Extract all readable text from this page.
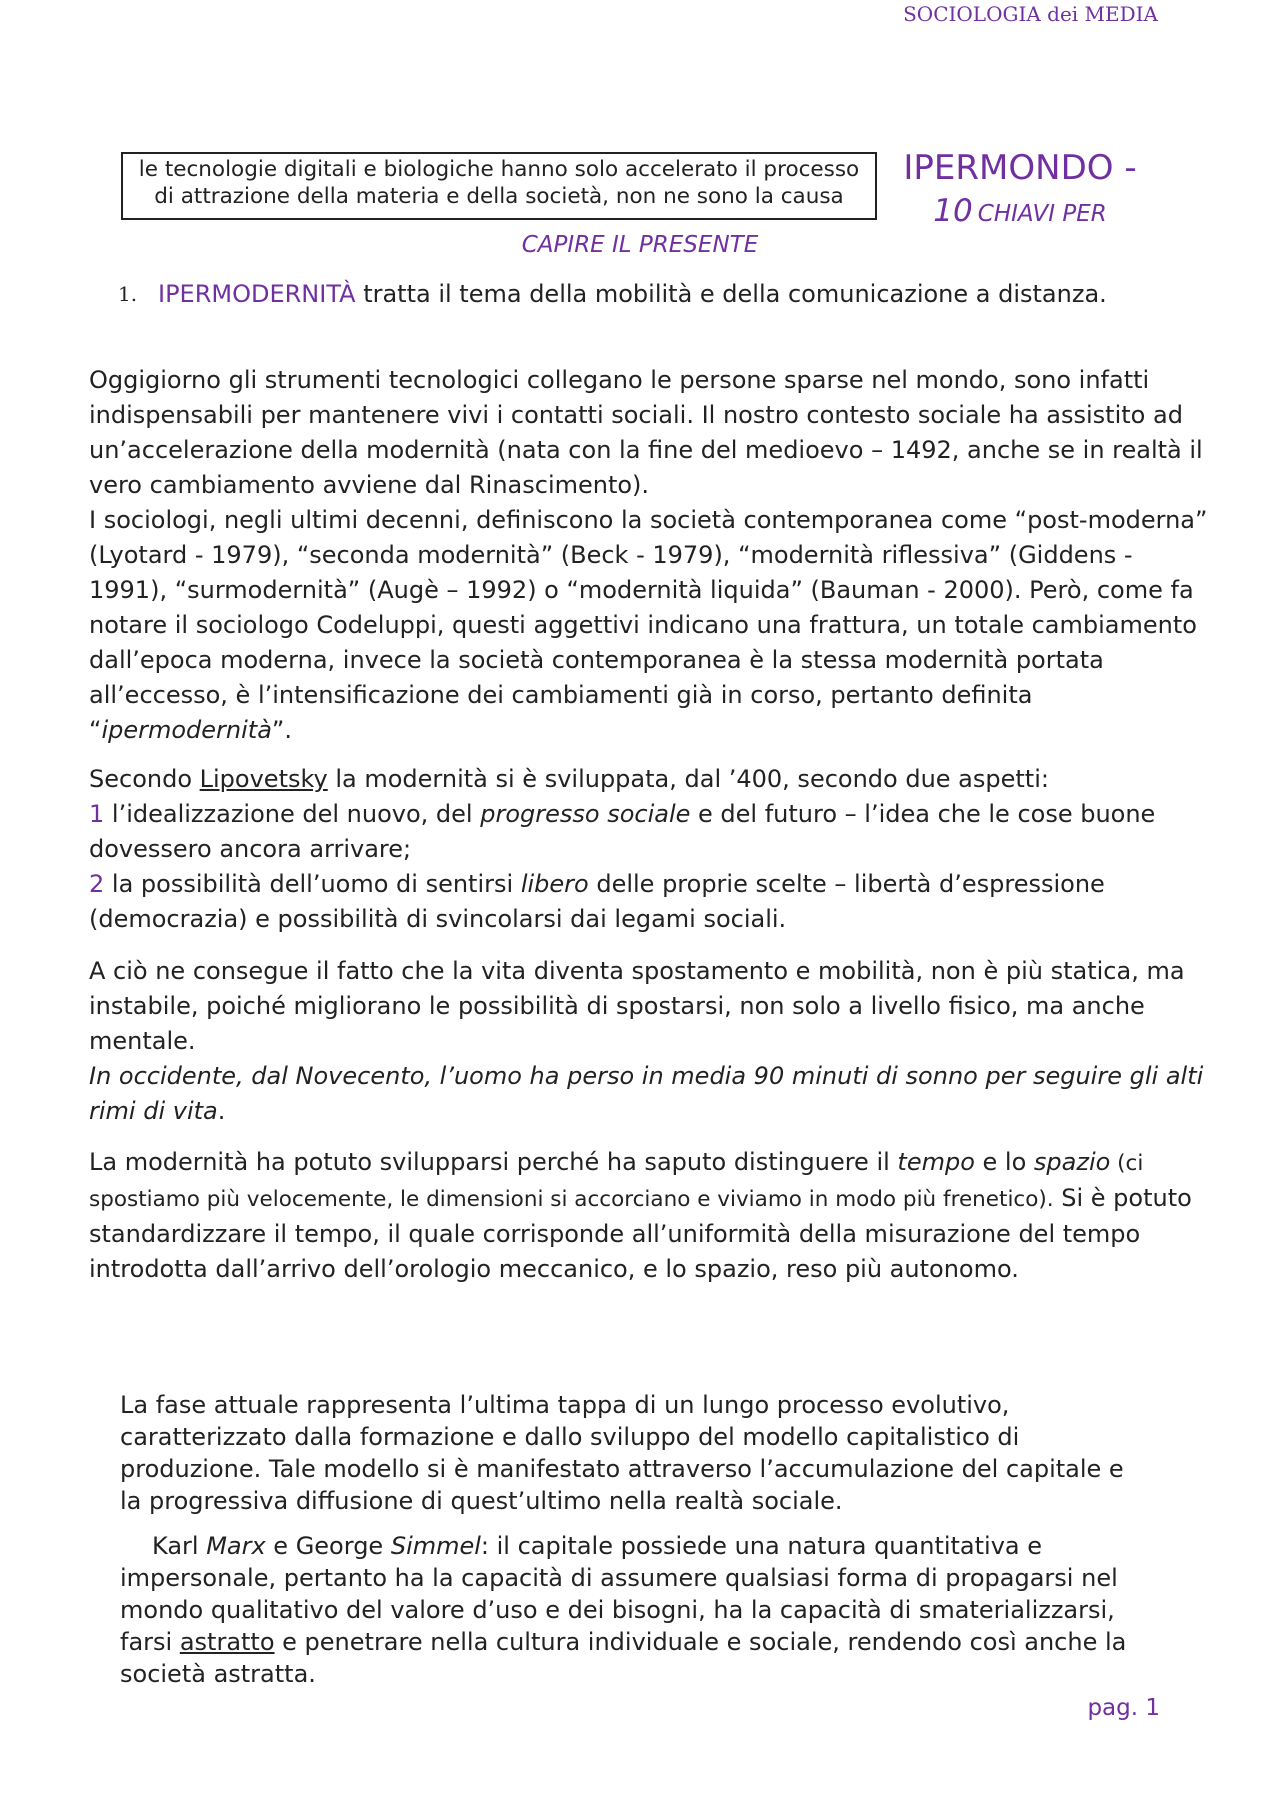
SOCIOLOGIA dei MEDIA
le tecnologie digitali e biologiche hanno solo accelerato il processo di attrazione della materia e della società, non ne sono la causa
IPERMONDO -
10 CHIAVI PER
CAPIRE IL PRESENTE
1. IPERMODERNITÀ tratta il tema della mobilità e della comunicazione a distanza.

Oggigiorno gli strumenti tecnologici collegano le persone sparse nel mondo, sono infatti indispensabili per mantenere vivi i contatti sociali. Il nostro contesto sociale ha assistito ad un’accelerazione della modernità (nata con la fine del medioevo – 1492, anche se in realtà il vero cambiamento avviene dal Rinascimento).
I sociologi, negli ultimi decenni, definiscono la società contemporanea come “post-moderna” (Lyotard - 1979), “seconda modernità” (Beck - 1979), “modernità riflessiva” (Giddens - 1991), “surmodernità” (Augè – 1992) o “modernità liquida” (Bauman - 2000). Però, come fa notare il sociologo Codeluppi, questi aggettivi indicano una frattura, un totale cambiamento dall’epoca moderna, invece la società contemporanea è la stessa modernità portata all’eccesso, è l’intensificazione dei cambiamenti già in corso, pertanto definita “ipermodernità”.

Secondo Lipovetsky la modernità si è sviluppata, dal ’400, secondo due aspetti:
1 l’idealizzazione del nuovo, del progresso sociale e del futuro – l’idea che le cose buone dovessero ancora arrivare;
2 la possibilità dell’uomo di sentirsi libero delle proprie scelte – libertà d’espressione (democrazia) e possibilità di svincolarsi dai legami sociali.

A ciò ne consegue il fatto che la vita diventa spostamento e mobilità, non è più statica, ma instabile, poiché migliorano le possibilità di spostarsi, non solo a livello fisico, ma anche mentale.
In occidente, dal Novecento, l’uomo ha perso in media 90 minuti di sonno per seguire gli alti rimi di vita.

La modernità ha potuto svilupparsi perché ha saputo distinguere il tempo e lo spazio (ci spostiamo più velocemente, le dimensioni si accorciano e viviamo in modo più frenetico). Si è potuto standardizzare il tempo, il quale corrisponde all’uniformità della misurazione del tempo introdotta dall’arrivo dell’orologio meccanico, e lo spazio, reso più autonomo.

La fase attuale rappresenta l’ultima tappa di un lungo processo evolutivo, caratterizzato dalla formazione e dallo sviluppo del modello capitalistico di produzione. Tale modello si è manifestato attraverso l’accumulazione del capitale e la progressiva diffusione di quest’ultimo nella realtà sociale.

Karl Marx e George Simmel: il capitale possiede una natura quantitativa e impersonale, pertanto ha la capacità di assumere qualsiasi forma di propagarsi nel mondo qualitativo del valore d’uso e dei bisogni, ha la capacità di smaterializzarsi, farsi astratto e penetrare nella cultura individuale e sociale, rendendo così anche la società astratta.

pag. 1
